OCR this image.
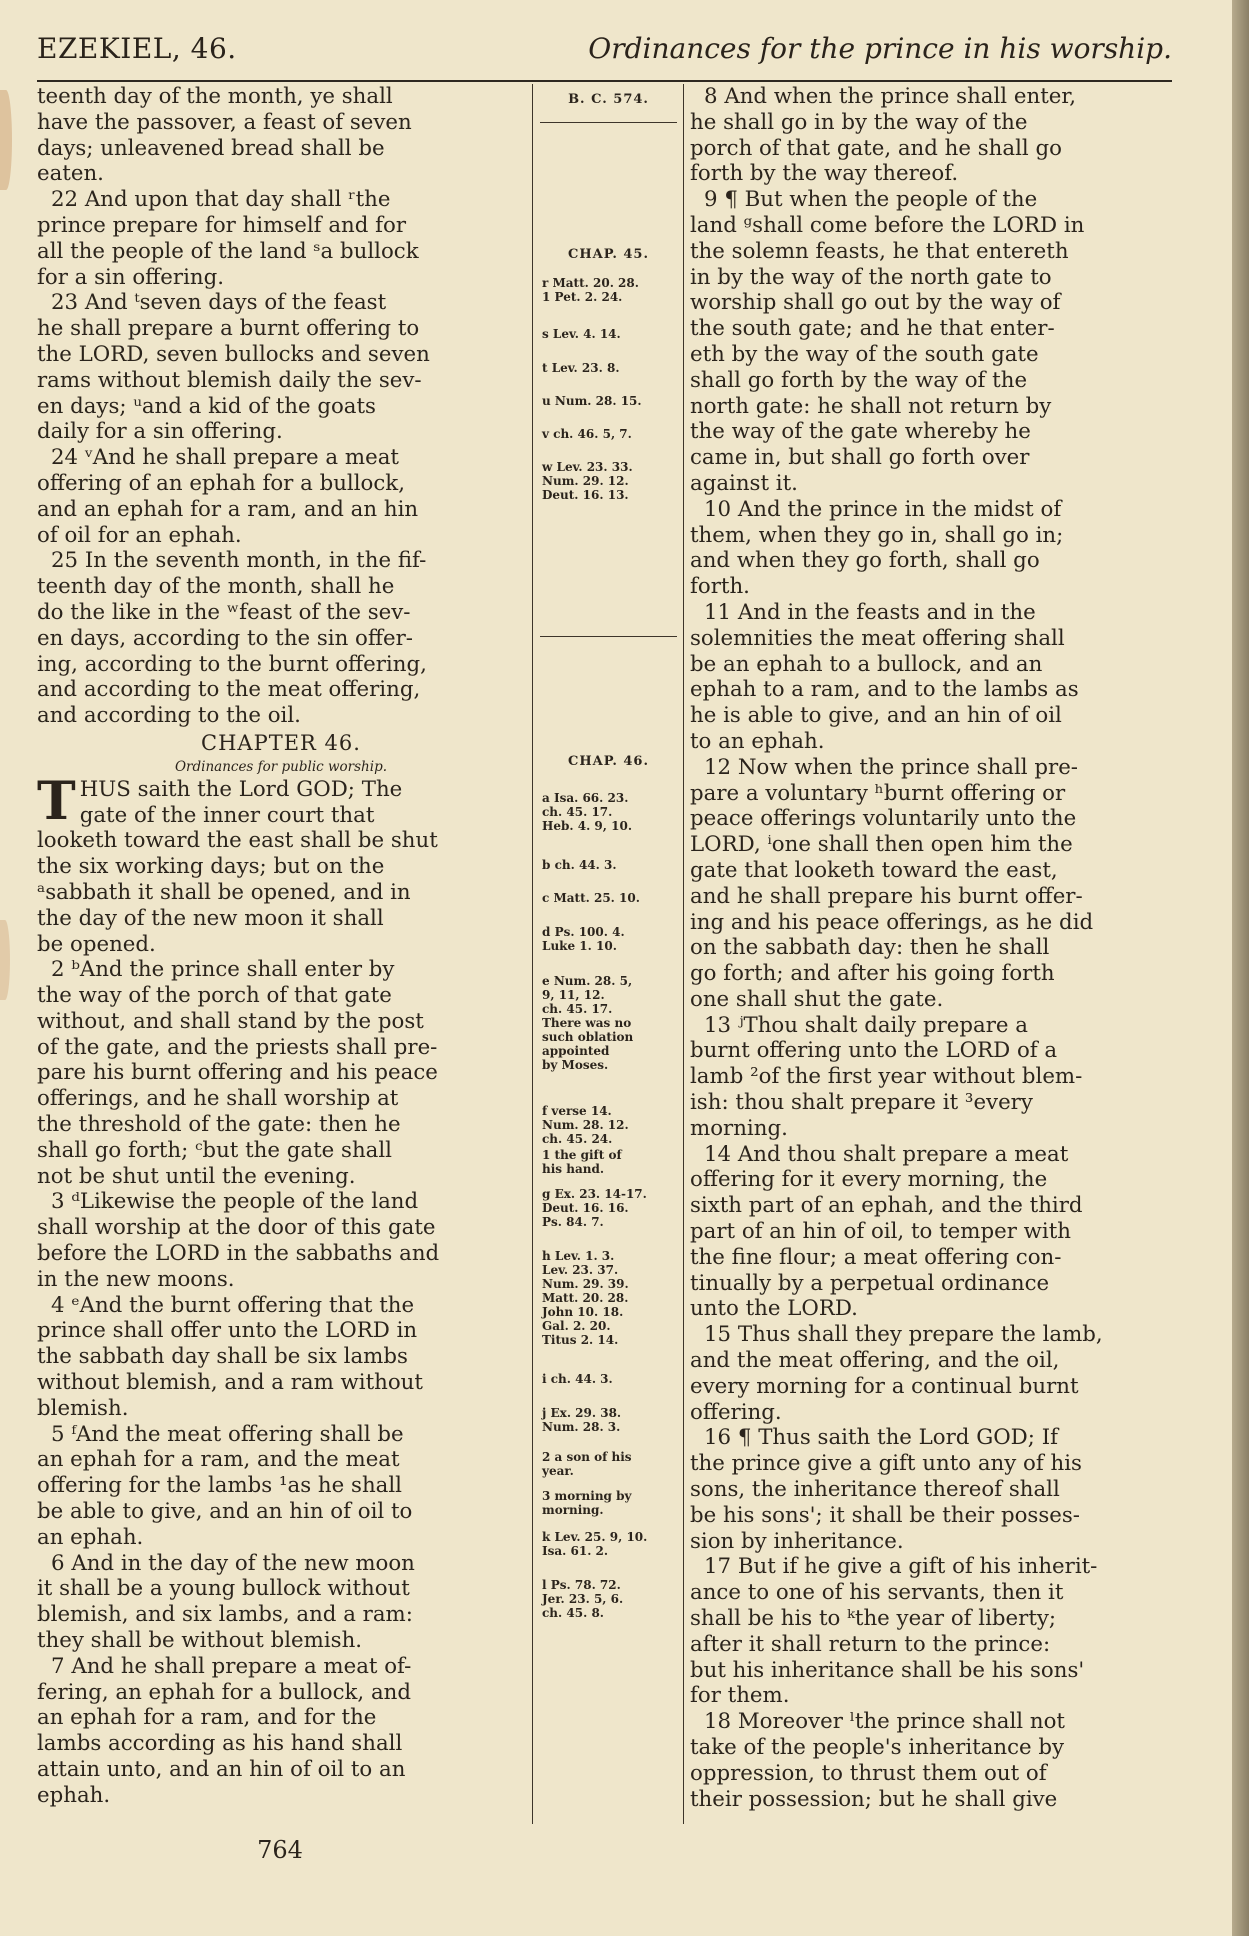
EZEKIEL, 46.	Ordinances for the prince in his worship.
teenth day of the month, ye shall
have the passover, a feast of seven
days; unleavened bread shall be
eaten.
22 And upon that day shall ʳthe
prince prepare for himself and for
all the people of the land ˢa bullock
for a sin offering.
23 And ᵗseven days of the feast
he shall prepare a burnt offering to
the LORD, seven bullocks and seven
rams without blemish daily the sev-
en days; ᵘand a kid of the goats
daily for a sin offering.
24 ᵛAnd he shall prepare a meat
offering of an ephah for a bullock,
and an ephah for a ram, and an hin
of oil for an ephah.
25 In the seventh month, in the fif-
teenth day of the month, shall he
do the like in the ʷfeast of the sev-
en days, according to the sin offer-
ing, according to the burnt offering,
and according to the meat offering,
and according to the oil.
CHAPTER 46.
Ordinances for public worship.
T HUS saith the Lord GOD; The
gate of the inner court that
looketh toward the east shall be shut
the six working days; but on the
ᵃsabbath it shall be opened, and in
the day of the new moon it shall
be opened.
2 ᵇAnd the prince shall enter by
the way of the porch of that gate
without, and shall stand by the post
of the gate, and the priests shall pre-
pare his burnt offering and his peace
offerings, and he shall worship at
the threshold of the gate: then he
shall go forth; ᶜbut the gate shall
not be shut until the evening.
3 ᵈLikewise the people of the land
shall worship at the door of this gate
before the LORD in the sabbaths and
in the new moons.
4 ᵉAnd the burnt offering that the
prince shall offer unto the LORD in
the sabbath day shall be six lambs
without blemish, and a ram without
blemish.
5 ᶠAnd the meat offering shall be
an ephah for a ram, and the meat
offering for the lambs ¹as he shall
be able to give, and an hin of oil to
an ephah.
6 And in the day of the new moon
it shall be a young bullock without
blemish, and six lambs, and a ram:
they shall be without blemish.
7 And he shall prepare a meat of-
fering, an ephah for a bullock, and
an ephah for a ram, and for the
lambs according as his hand shall
attain unto, and an hin of oil to an
ephah.
B. C. 574.
CHAP. 45.
r Matt. 20. 28.
1 Pet. 2. 24.
s Lev. 4. 14.
t Lev. 23. 8.
u Num. 28. 15.
v ch. 46. 5, 7.
w Lev. 23. 33.
Num. 29. 12.
Deut. 16. 13.
CHAP. 46.
a Isa. 66. 23.
ch. 45. 17.
Heb. 4. 9, 10.
b ch. 44. 3.
c Matt. 25. 10.
d Ps. 100. 4.
Luke 1. 10.
e Num. 28. 5,
9, 11, 12.
ch. 45. 17.
There was no
such oblation
appointed
by Moses.
f verse 14.
Num. 28. 12.
ch. 45. 24.
1 the gift of
his hand.
g Ex. 23. 14-17.
Deut. 16. 16.
Ps. 84. 7.
h Lev. 1. 3.
Lev. 23. 37.
Num. 29. 39.
Matt. 20. 28.
John 10. 18.
Gal. 2. 20.
Titus 2. 14.
i ch. 44. 3.
j Ex. 29. 38.
Num. 28. 3.
2 a son of his
year.
3 morning by
morning.
k Lev. 25. 9, 10.
Isa. 61. 2.
l Ps. 78. 72.
Jer. 23. 5, 6.
ch. 45. 8.
8 And when the prince shall enter,
he shall go in by the way of the
porch of that gate, and he shall go
forth by the way thereof.
9 ¶ But when the people of the
land ᵍshall come before the LORD in
the solemn feasts, he that entereth
in by the way of the north gate to
worship shall go out by the way of
the south gate; and he that enter-
eth by the way of the south gate
shall go forth by the way of the
north gate: he shall not return by
the way of the gate whereby he
came in, but shall go forth over
against it.
10 And the prince in the midst of
them, when they go in, shall go in;
and when they go forth, shall go
forth.
11 And in the feasts and in the
solemnities the meat offering shall
be an ephah to a bullock, and an
ephah to a ram, and to the lambs as
he is able to give, and an hin of oil
to an ephah.
12 Now when the prince shall pre-
pare a voluntary ʰburnt offering or
peace offerings voluntarily unto the
LORD, ⁱone shall then open him the
gate that looketh toward the east,
and he shall prepare his burnt offer-
ing and his peace offerings, as he did
on the sabbath day: then he shall
go forth; and after his going forth
one shall shut the gate.
13 ʲThou shalt daily prepare a
burnt offering unto the LORD of a
lamb ²of the first year without blem-
ish: thou shalt prepare it ³every
morning.
14 And thou shalt prepare a meat
offering for it every morning, the
sixth part of an ephah, and the third
part of an hin of oil, to temper with
the fine flour; a meat offering con-
tinually by a perpetual ordinance
unto the LORD.
15 Thus shall they prepare the lamb,
and the meat offering, and the oil,
every morning for a continual burnt
offering.
16 ¶ Thus saith the Lord GOD; If
the prince give a gift unto any of his
sons, the inheritance thereof shall
be his sons'; it shall be their posses-
sion by inheritance.
17 But if he give a gift of his inherit-
ance to one of his servants, then it
shall be his to ᵏthe year of liberty;
after it shall return to the prince:
but his inheritance shall be his sons'
for them.
18 Moreover ˡthe prince shall not
take of the people's inheritance by
oppression, to thrust them out of
their possession; but he shall give
764
